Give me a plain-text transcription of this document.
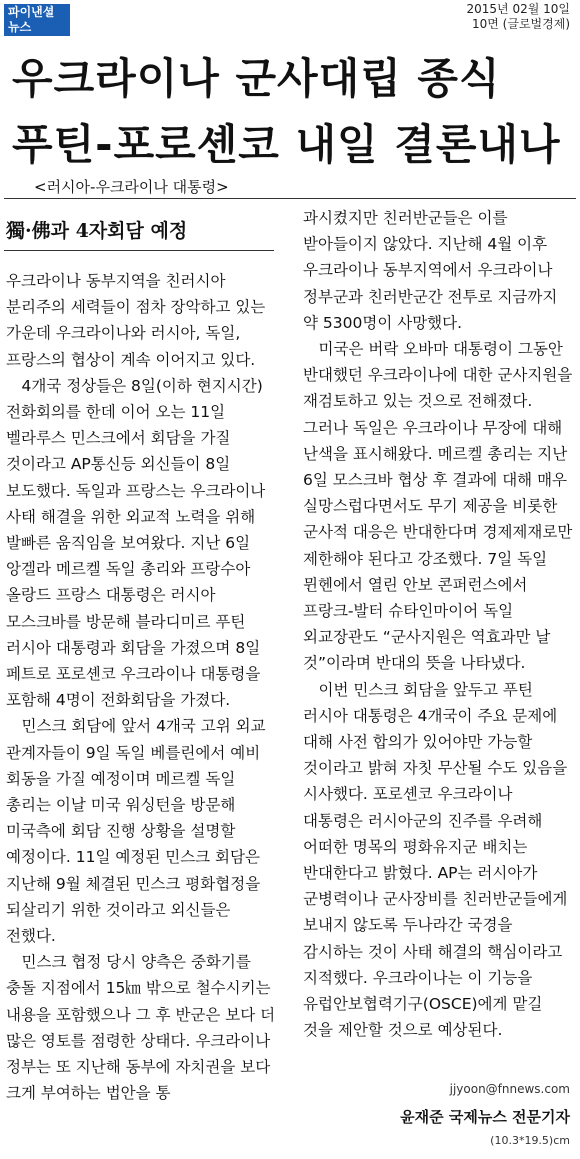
파이낸셜
뉴스
2015년 02월 10일
10면 (글로벌경제)
우크라이나 군사대립 종식
푸틴-포로셴코 내일 결론내나
<러시아-우크라이나 대통령>
獨·佛과 4자회담 예정

우크라이나 동부지역을 친러시아 분리주의 세력들이 점차 장악하고 있는 가운데 우크라이나와 러시아, 독일, 프랑스의 협상이 계속 이어지고 있다.

4개국 정상들은 8일(이하 현지시간) 전화회의를 한데 이어 오는 11일 벨라루스 민스크에서 회담을 가질 것이라고 AP통신등 외신들이 8일 보도했다. 독일과 프랑스는 우크라이나 사태 해결을 위한 외교적 노력을 위해 발빠른 움직임을 보여왔다. 지난 6일 앙겔라 메르켈 독일 총리와 프랑수아 올랑드 프랑스 대통령은 러시아 모스크바를 방문해 블라디미르 푸틴 러시아 대통령과 회담을 가졌으며 8일 페트로 포로셴코 우크라이나 대통령을 포함해 4명이 전화회담을 가졌다.

민스크 회담에 앞서 4개국 고위 외교 관계자들이 9일 독일 베를린에서 예비 회동을 가질 예정이며 메르켈 독일 총리는 이날 미국 워싱턴을 방문해 미국측에 회담 진행 상황을 설명할 예정이다. 11일 예정된 민스크 회담은 지난해 9월 체결된 민스크 평화협정을 되살리기 위한 것이라고 외신들은 전했다.

민스크 협정 당시 양측은 중화기를 충돌 지점에서 15㎞ 밖으로 철수시키는 내용을 포함했으나 그 후 반군은 보다 더 많은 영토를 점령한 상태다. 우크라이나 정부는 또 지난해 동부에 자치권을 보다 크게 부여하는 법안을 통

과시켰지만 친러반군들은 이를 받아들이지 않았다. 지난해 4월 이후 우크라이나 동부지역에서 우크라이나 정부군과 친러반군간 전투로 지금까지 약 5300명이 사망했다.

미국은 버락 오바마 대통령이 그동안 반대했던 우크라이나에 대한 군사지원을 재검토하고 있는 것으로 전해졌다. 그러나 독일은 우크라이나 무장에 대해 난색을 표시해왔다. 메르켈 총리는 지난 6일 모스크바 협상 후 결과에 대해 매우 실망스럽다면서도 무기 제공을 비롯한 군사적 대응은 반대한다며 경제제재로만 제한해야 된다고 강조했다. 7일 독일 뮌헨에서 열린 안보 콘퍼런스에서 프랑크-발터 슈타인마이어 독일 외교장관도 “군사지원은 역효과만 날 것”이라며 반대의 뜻을 나타냈다.

이번 민스크 회담을 앞두고 푸틴 러시아 대통령은 4개국이 주요 문제에 대해 사전 합의가 있어야만 가능할 것이라고 밝혀 자칫 무산될 수도 있음을 시사했다. 포로셴코 우크라이나 대통령은 러시아군의 진주를 우려해 어떠한 명목의 평화유지군 배치는 반대한다고 밝혔다. AP는 러시아가 군병력이나 군사장비를 친러반군들에게 보내지 않도록 두나라간 국경을 감시하는 것이 사태 해결의 핵심이라고 지적했다. 우크라이나는 이 기능을 유럽안보협력기구(OSCE)에게 맡길 것을 제안할 것으로 예상된다.

jjyoon@fnnews.com
윤재준 국제뉴스 전문기자
(10.3*19.5)cm
